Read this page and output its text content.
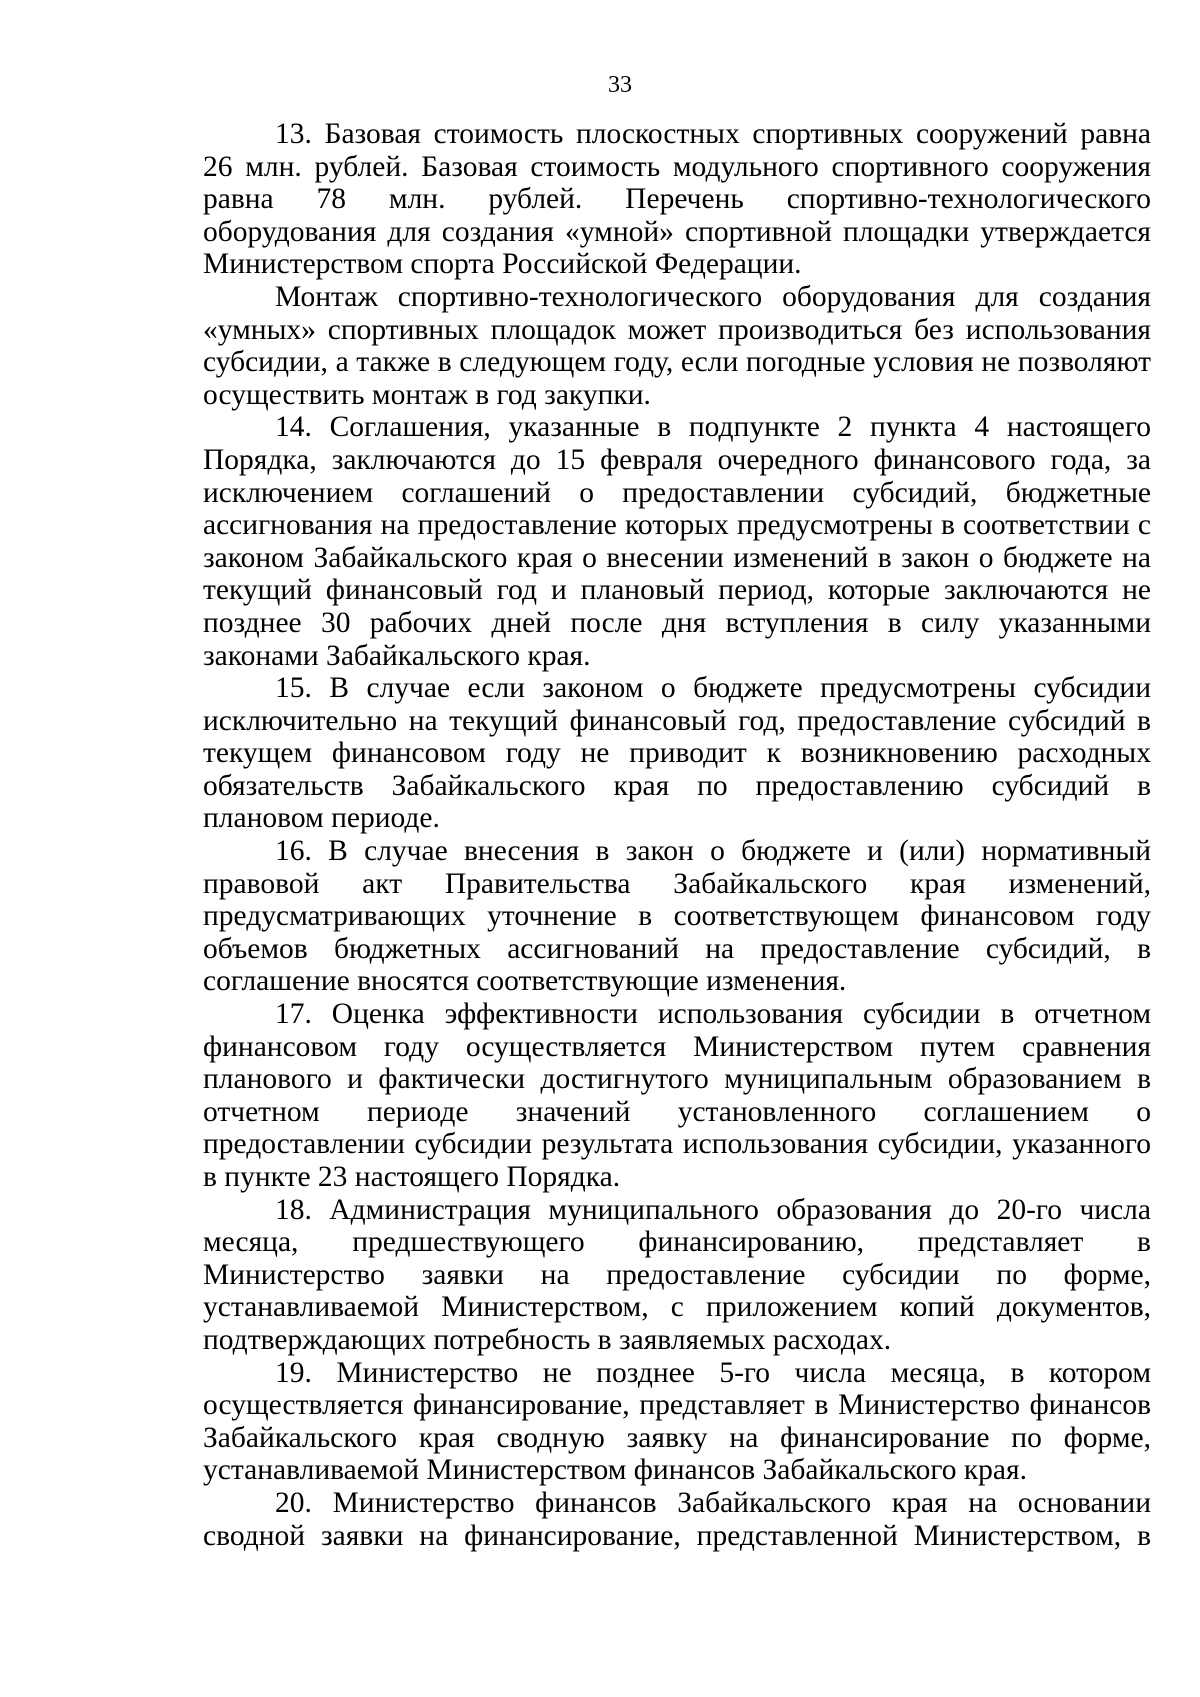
33

13. Базовая стоимость плоскостных спортивных сооружений равна 26 млн. рублей. Базовая стоимость модульного спортивного сооружения равна 78 млн. рублей. Перечень спортивно-технологического оборудования для создания «умной» спортивной площадки утверждается Министерством спорта Российской Федерации.

Монтаж спортивно-технологического оборудования для создания «умных» спортивных площадок может производиться без использования субсидии, а также в следующем году, если погодные условия не позволяют осуществить монтаж в год закупки.

14. Соглашения, указанные в подпункте 2 пункта 4 настоящего Порядка, заключаются до 15 февраля очередного финансового года, за исключением соглашений о предоставлении субсидий, бюджетные ассигнования на предоставление которых предусмотрены в соответствии с законом Забайкальского края о внесении изменений в закон о бюджете на текущий финансовый год и плановый период, которые заключаются не позднее 30 рабочих дней после дня вступления в силу указанными законами Забайкальского края.

15. В случае если законом о бюджете предусмотрены субсидии исключительно на текущий финансовый год, предоставление субсидий в текущем финансовом году не приводит к возникновению расходных обязательств Забайкальского края по предоставлению субсидий в плановом периоде.

16. В случае внесения в закон о бюджете и (или) нормативный правовой акт Правительства Забайкальского края изменений, предусматривающих уточнение в соответствующем финансовом году объемов бюджетных ассигнований на предоставление субсидий, в соглашение вносятся соответствующие изменения.

17. Оценка эффективности использования субсидии в отчетном финансовом году осуществляется Министерством путем сравнения планового и фактически достигнутого муниципальным образованием в отчетном периоде значений установленного соглашением о предоставлении субсидии результата использования субсидии, указанного в пункте 23 настоящего Порядка.

18. Администрация муниципального образования до 20-го числа месяца, предшествующего финансированию, представляет в Министерство заявки на предоставление субсидии по форме, устанавливаемой Министерством, с приложением копий документов, подтверждающих потребность в заявляемых расходах.

19. Министерство не позднее 5-го числа месяца, в котором осуществляется финансирование, представляет в Министерство финансов Забайкальского края сводную заявку на финансирование по форме, устанавливаемой Министерством финансов Забайкальского края.

20. Министерство финансов Забайкальского края на основании сводной заявки на финансирование, представленной Министерством, в
